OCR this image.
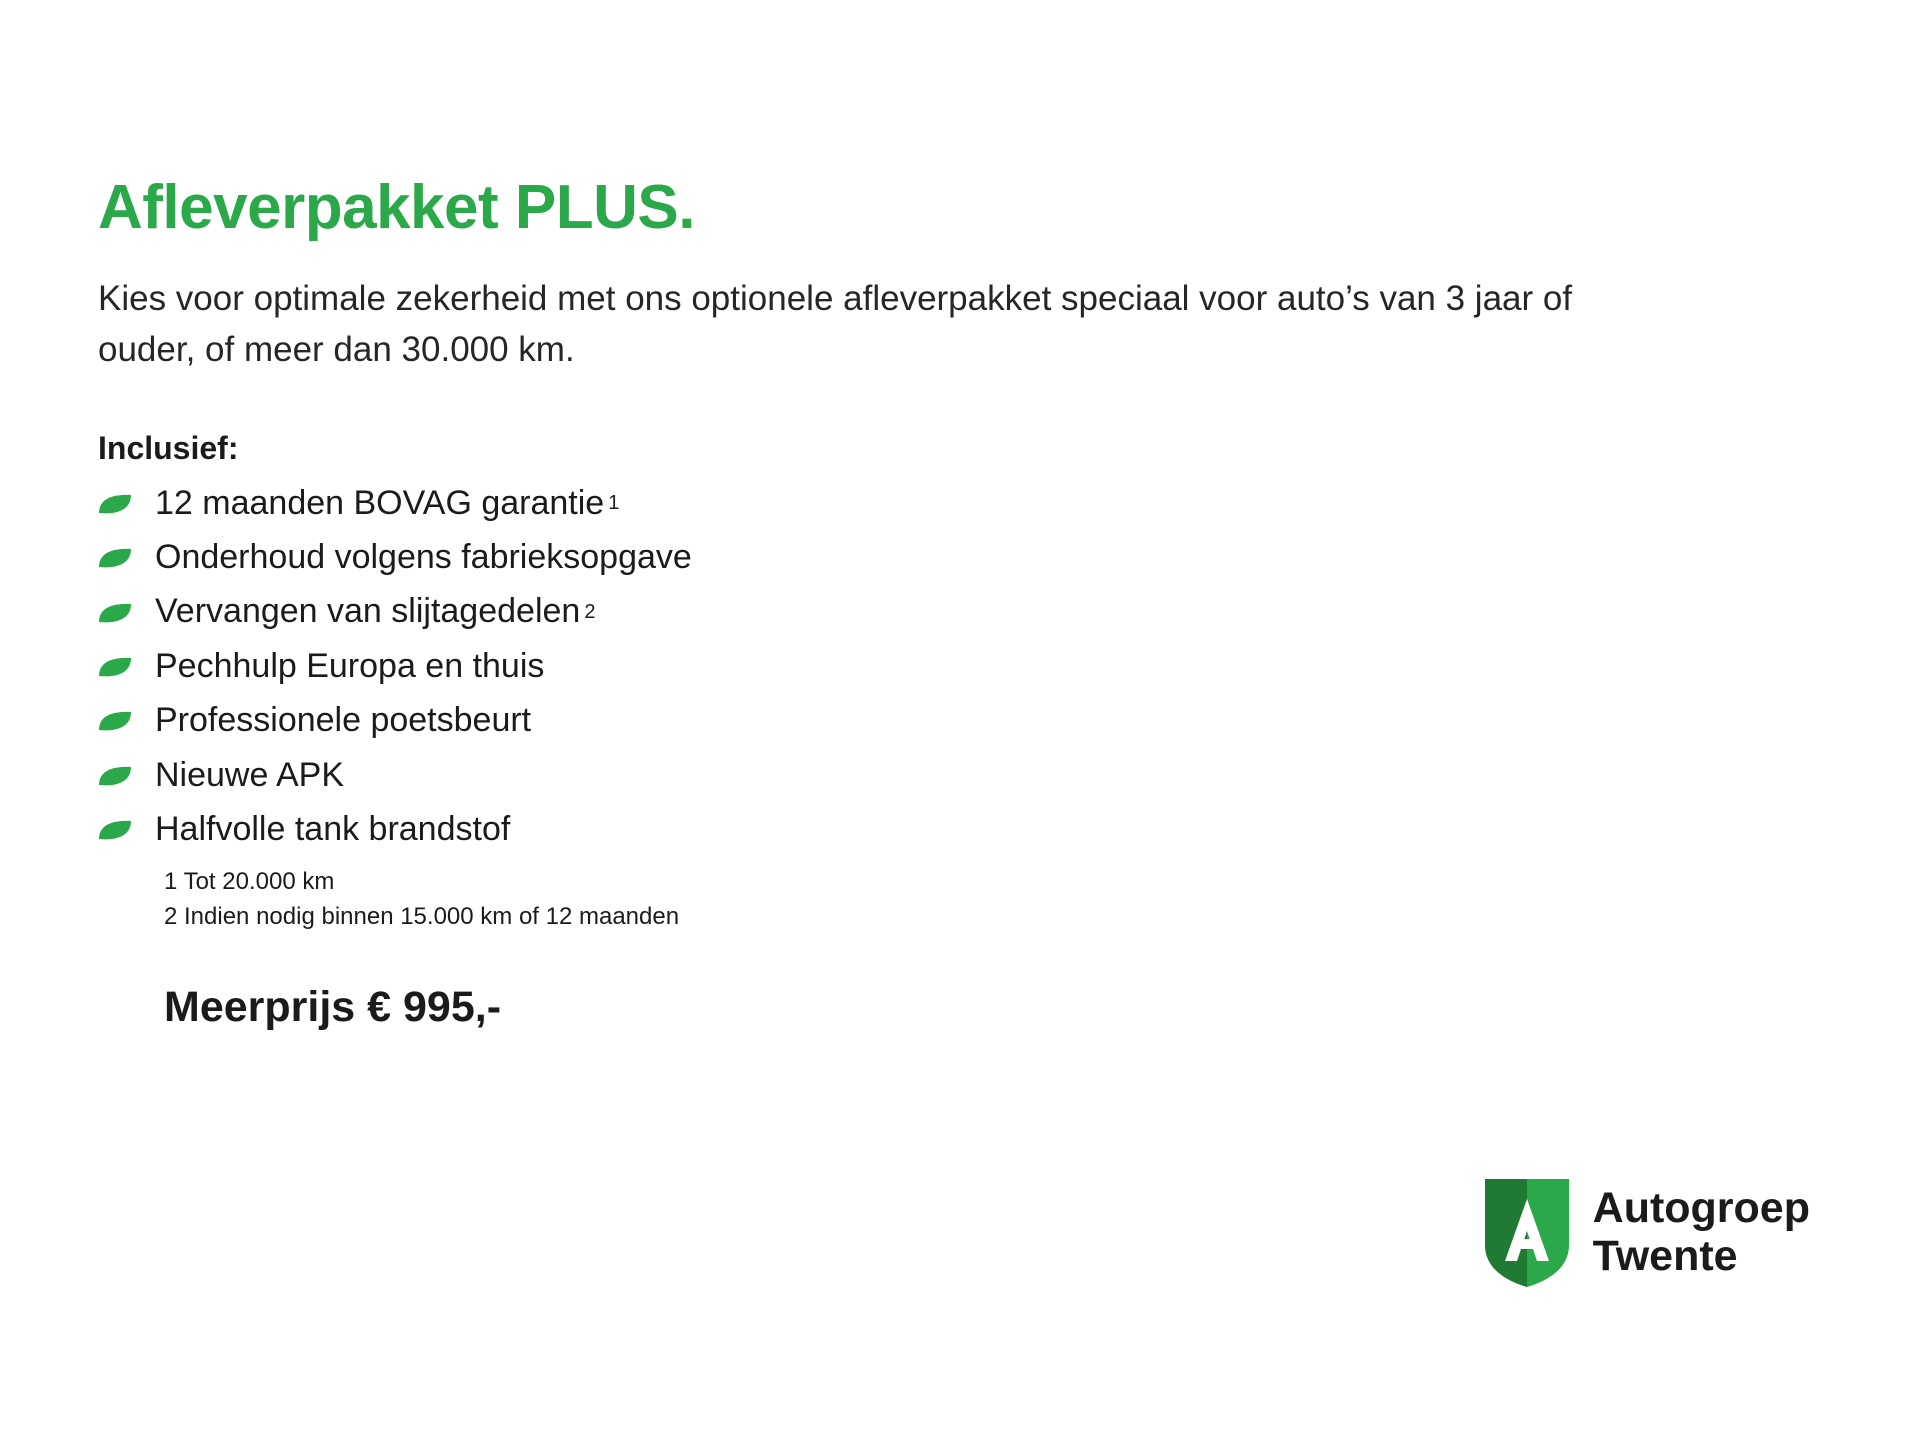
Afleverpakket PLUS.

Kies voor optimale zekerheid met ons optionele afleverpakket speciaal voor auto’s van 3 jaar of ouder, of meer dan 30.000 km.

Inclusief:
12 maanden BOVAG garantie 1
Onderhoud volgens fabrieksopgave
Vervangen van slijtagedelen 2
Pechhulp Europa en thuis
Professionele poetsbeurt
Nieuwe APK
Halfvolle tank brandstof
1 Tot 20.000 km
2 Indien nodig binnen 15.000 km of 12 maanden
Meerprijs € 995,-
Autogroep
Twente
